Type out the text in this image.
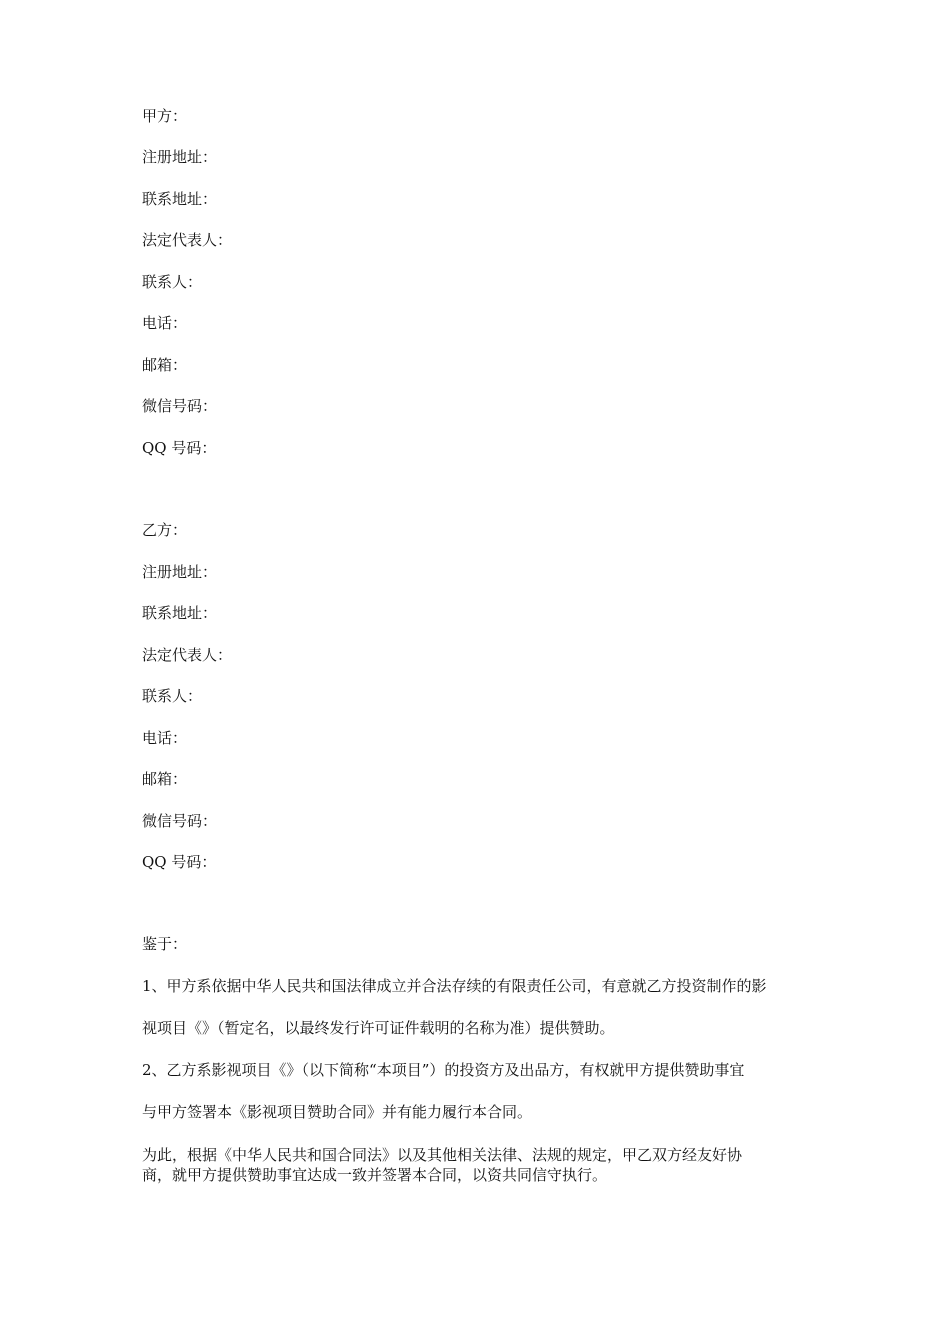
甲方：
注册地址：
联系地址：
法定代表人：
联系人：
电话：
邮箱：
微信号码：
QQ 号码：
乙方：
注册地址：
联系地址：
法定代表人：
联系人：
电话：
邮箱：
微信号码：
QQ 号码：
鉴于：
1、甲方系依据中华人民共和国法律成立并合法存续的有限责任公司，有意就乙方投资制作的影
视项目《》（暂定名，以最终发行许可证件载明的名称为准）提供赞助。
2、乙方系影视项目《》（以下简称“本项目”）的投资方及出品方，有权就甲方提供赞助事宜
与甲方签署本《影视项目赞助合同》并有能力履行本合同。
为此，根据《中华人民共和国合同法》以及其他相关法律、法规的规定，甲乙双方经友好协
商，就甲方提供赞助事宜达成一致并签署本合同，以资共同信守执行。
